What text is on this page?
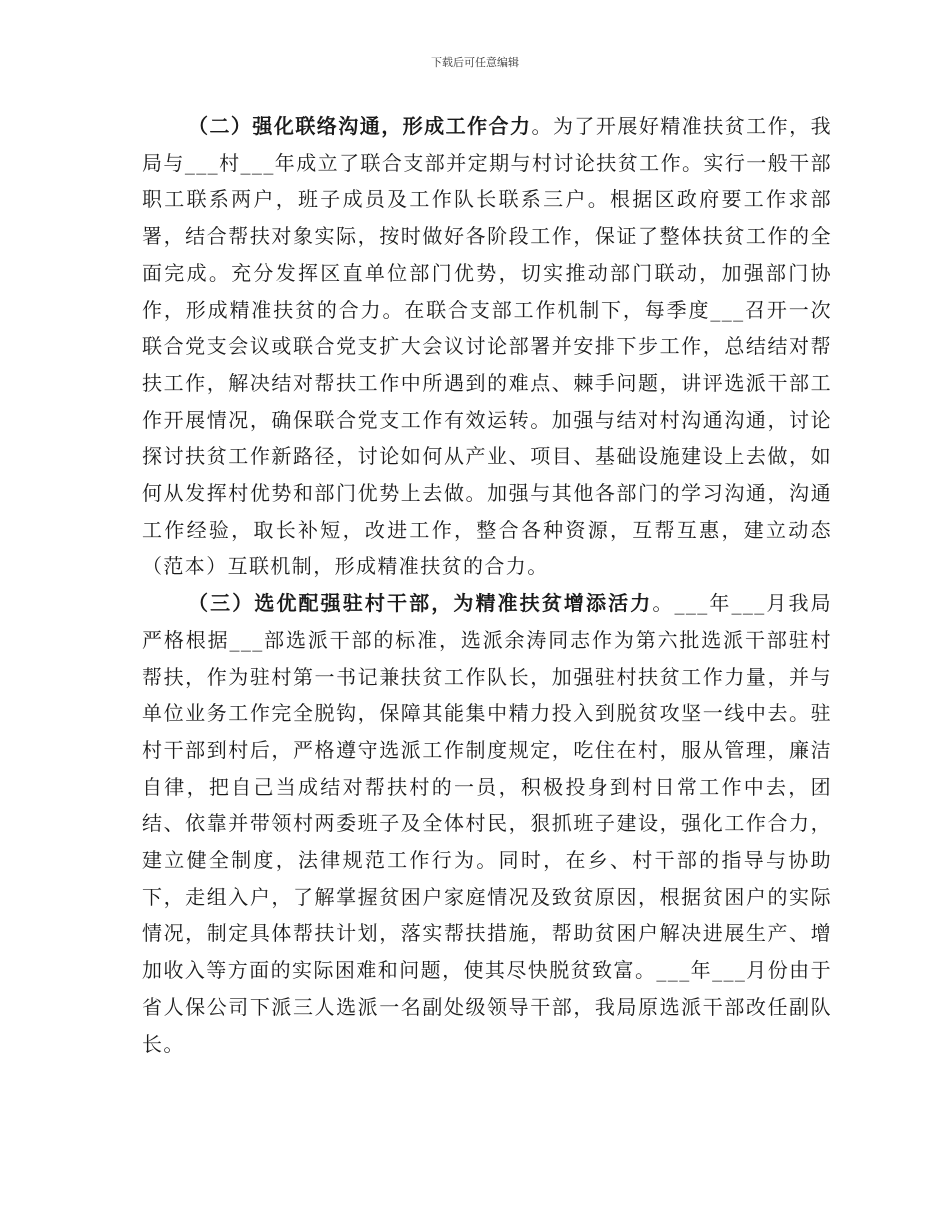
下载后可任意编辑

（二）强化联络沟通，形成工作合力。为了开展好精准扶贫工作，我局与___村___年成立了联合支部并定期与村讨论扶贫工作。实行一般干部职工联系两户，班子成员及工作队长联系三户。根据区政府要工作求部署，结合帮扶对象实际，按时做好各阶段工作，保证了整体扶贫工作的全面完成。充分发挥区直单位部门优势，切实推动部门联动，加强部门协作，形成精准扶贫的合力。在联合支部工作机制下，每季度___召开一次联合党支会议或联合党支扩大会议讨论部署并安排下步工作，总结结对帮扶工作，解决结对帮扶工作中所遇到的难点、棘手问题，讲评选派干部工作开展情况，确保联合党支工作有效运转。加强与结对村沟通沟通，讨论探讨扶贫工作新路径，讨论如何从产业、项目、基础设施建设上去做，如何从发挥村优势和部门优势上去做。加强与其他各部门的学习沟通，沟通工作经验，取长补短，改进工作，整合各种资源，互帮互惠，建立动态（范本）互联机制，形成精准扶贫的合力。

（三）选优配强驻村干部，为精准扶贫增添活力。___年___月我局严格根据___部选派干部的标准，选派余涛同志作为第六批选派干部驻村帮扶，作为驻村第一书记兼扶贫工作队长，加强驻村扶贫工作力量，并与单位业务工作完全脱钩，保障其能集中精力投入到脱贫攻坚一线中去。驻村干部到村后，严格遵守选派工作制度规定，吃住在村，服从管理，廉洁自律，把自己当成结对帮扶村的一员，积极投身到村日常工作中去，团结、依靠并带领村两委班子及全体村民，狠抓班子建设，强化工作合力，建立健全制度，法律规范工作行为。同时，在乡、村干部的指导与协助下，走组入户，了解掌握贫困户家庭情况及致贫原因，根据贫困户的实际情况，制定具体帮扶计划，落实帮扶措施，帮助贫困户解决进展生产、增加收入等方面的实际困难和问题，使其尽快脱贫致富。___年___月份由于省人保公司下派三人选派一名副处级领导干部，我局原选派干部改任副队长。
